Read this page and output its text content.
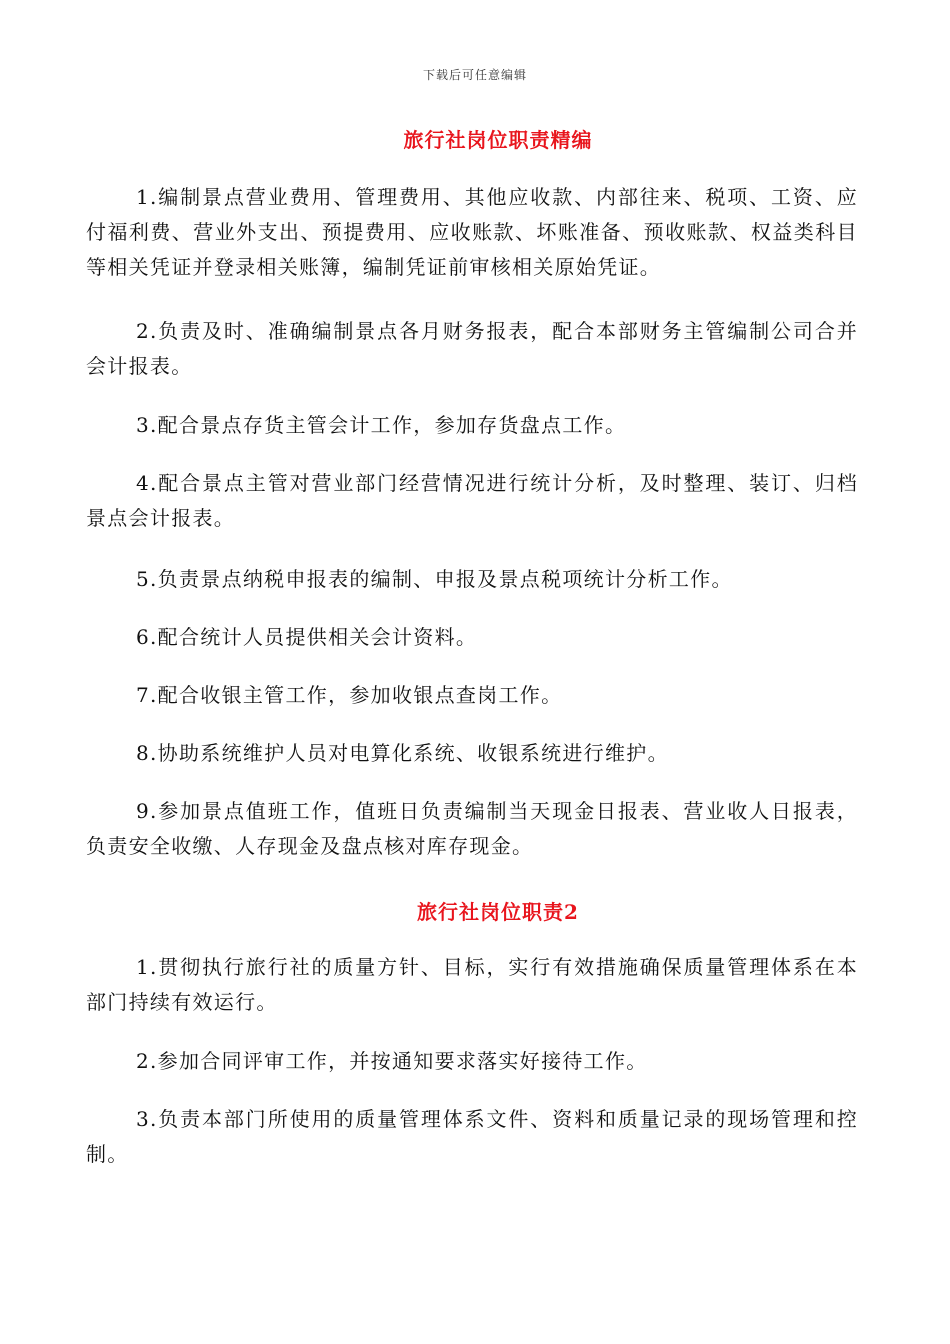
下载后可任意编辑
旅行社岗位职责精编

1.编制景点营业费用、管理费用、其他应收款、内部往来、税项、工资、应付福利费、营业外支出、预提费用、应收账款、坏账准备、预收账款、权益类科目等相关凭证并登录相关账簿，编制凭证前审核相关原始凭证。

2.负责及时、准确编制景点各月财务报表，配合本部财务主管编制公司合并会计报表。

3.配合景点存货主管会计工作，参加存货盘点工作。

4.配合景点主管对营业部门经营情况进行统计分析，及时整理、装订、归档景点会计报表。

5.负责景点纳税申报表的编制、申报及景点税项统计分析工作。

6.配合统计人员提供相关会计资料。

7.配合收银主管工作，参加收银点查岗工作。

8.协助系统维护人员对电算化系统、收银系统进行维护。

9.参加景点值班工作，值班日负责编制当天现金日报表、营业收人日报表，负责安全收缴、人存现金及盘点核对库存现金。

旅行社岗位职责2

1.贯彻执行旅行社的质量方针、目标，实行有效措施确保质量管理体系在本部门持续有效运行。

2.参加合同评审工作，并按通知要求落实好接待工作。

3.负责本部门所使用的质量管理体系文件、资料和质量记录的现场管理和控制。
